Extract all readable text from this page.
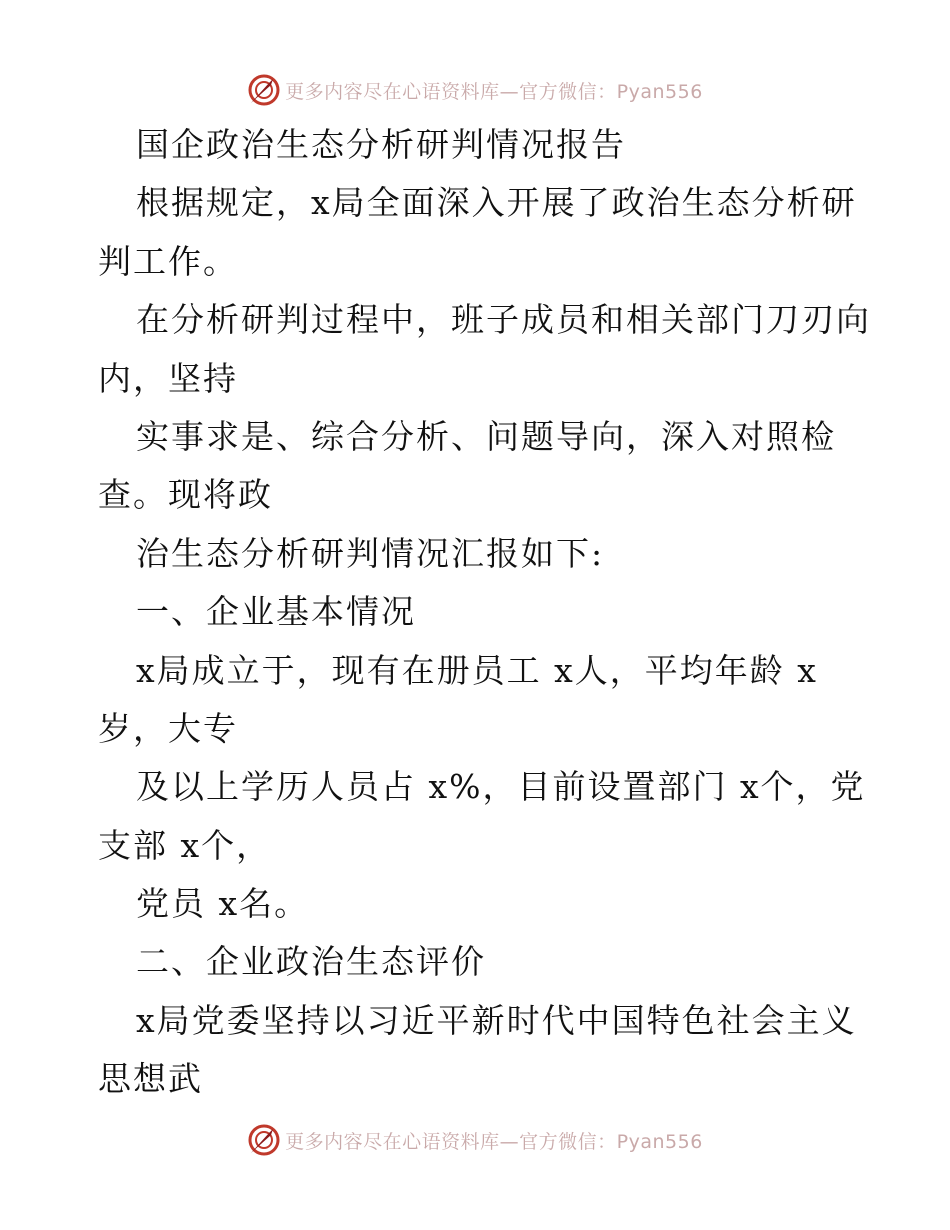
更多内容尽在心语资料库—官方微信：Pyan556
国企政治生态分析研判情况报告
根据规定，x局全面深入开展了政治生态分析研
判工作。
在分析研判过程中，班子成员和相关部门刀刃向
内，坚持
实事求是、综合分析、问题导向，深入对照检
查。现将政
治生态分析研判情况汇报如下:
一、企业基本情况
x局成立于，现有在册员工 x人，平均年龄 x
岁，大专
及以上学历人员占 x%，目前设置部门 x个，党
支部 x个，
党员 x名。
二、企业政治生态评价
x局党委坚持以习近平新时代中国特色社会主义
思想武
更多内容尽在心语资料库—官方微信：Pyan556
